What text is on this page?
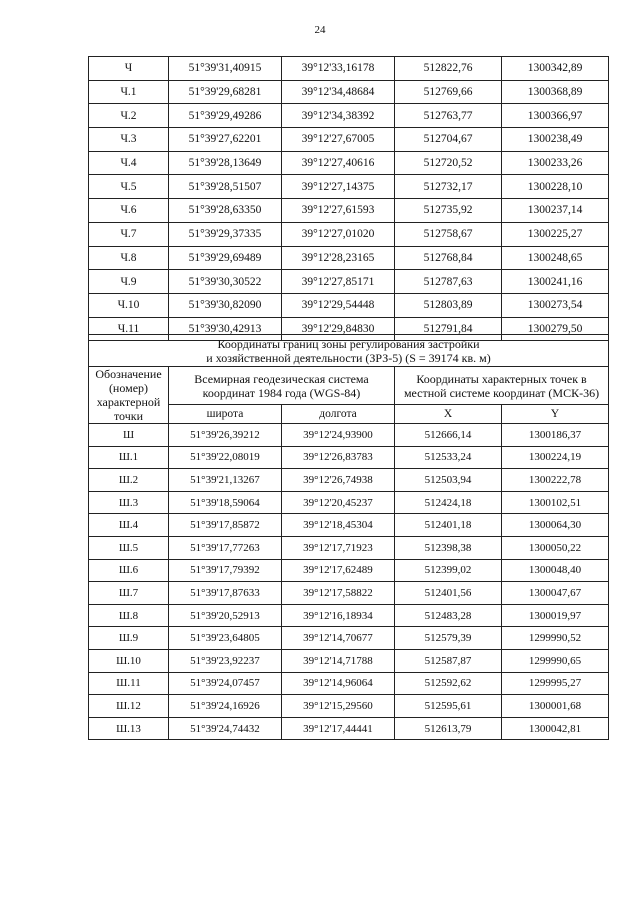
24
Ч	51°39'31,40915	39°12'33,16178	512822,76	1300342,89
Ч.1	51°39'29,68281	39°12'34,48684	512769,66	1300368,89
Ч.2	51°39'29,49286	39°12'34,38392	512763,77	1300366,97
Ч.3	51°39'27,62201	39°12'27,67005	512704,67	1300238,49
Ч.4	51°39'28,13649	39°12'27,40616	512720,52	1300233,26
Ч.5	51°39'28,51507	39°12'27,14375	512732,17	1300228,10
Ч.6	51°39'28,63350	39°12'27,61593	512735,92	1300237,14
Ч.7	51°39'29,37335	39°12'27,01020	512758,67	1300225,27
Ч.8	51°39'29,69489	39°12'28,23165	512768,84	1300248,65
Ч.9	51°39'30,30522	39°12'27,85171	512787,63	1300241,16
Ч.10	51°39'30,82090	39°12'29,54448	512803,89	1300273,54
Ч.11	51°39'30,42913	39°12'29,84830	512791,84	1300279,50
Координаты границ зоны регулирования застройки
и хозяйственной деятельности (ЗРЗ-5) (S = 39174 кв. м)				
Обозначение (номер) характерной точки	Всемирная геодезическая система координат 1984 года (WGS-84)		Координаты характерных точек в местной системе координат (МСК-36)	
	широта	долгота	X	Y
Ш	51°39'26,39212	39°12'24,93900	512666,14	1300186,37
Ш.1	51°39'22,08019	39°12'26,83783	512533,24	1300224,19
Ш.2	51°39'21,13267	39°12'26,74938	512503,94	1300222,78
Ш.3	51°39'18,59064	39°12'20,45237	512424,18	1300102,51
Ш.4	51°39'17,85872	39°12'18,45304	512401,18	1300064,30
Ш.5	51°39'17,77263	39°12'17,71923	512398,38	1300050,22
Ш.6	51°39'17,79392	39°12'17,62489	512399,02	1300048,40
Ш.7	51°39'17,87633	39°12'17,58822	512401,56	1300047,67
Ш.8	51°39'20,52913	39°12'16,18934	512483,28	1300019,97
Ш.9	51°39'23,64805	39°12'14,70677	512579,39	1299990,52
Ш.10	51°39'23,92237	39°12'14,71788	512587,87	1299990,65
Ш.11	51°39'24,07457	39°12'14,96064	512592,62	1299995,27
Ш.12	51°39'24,16926	39°12'15,29560	512595,61	1300001,68
Ш.13	51°39'24,74432	39°12'17,44441	512613,79	1300042,81
